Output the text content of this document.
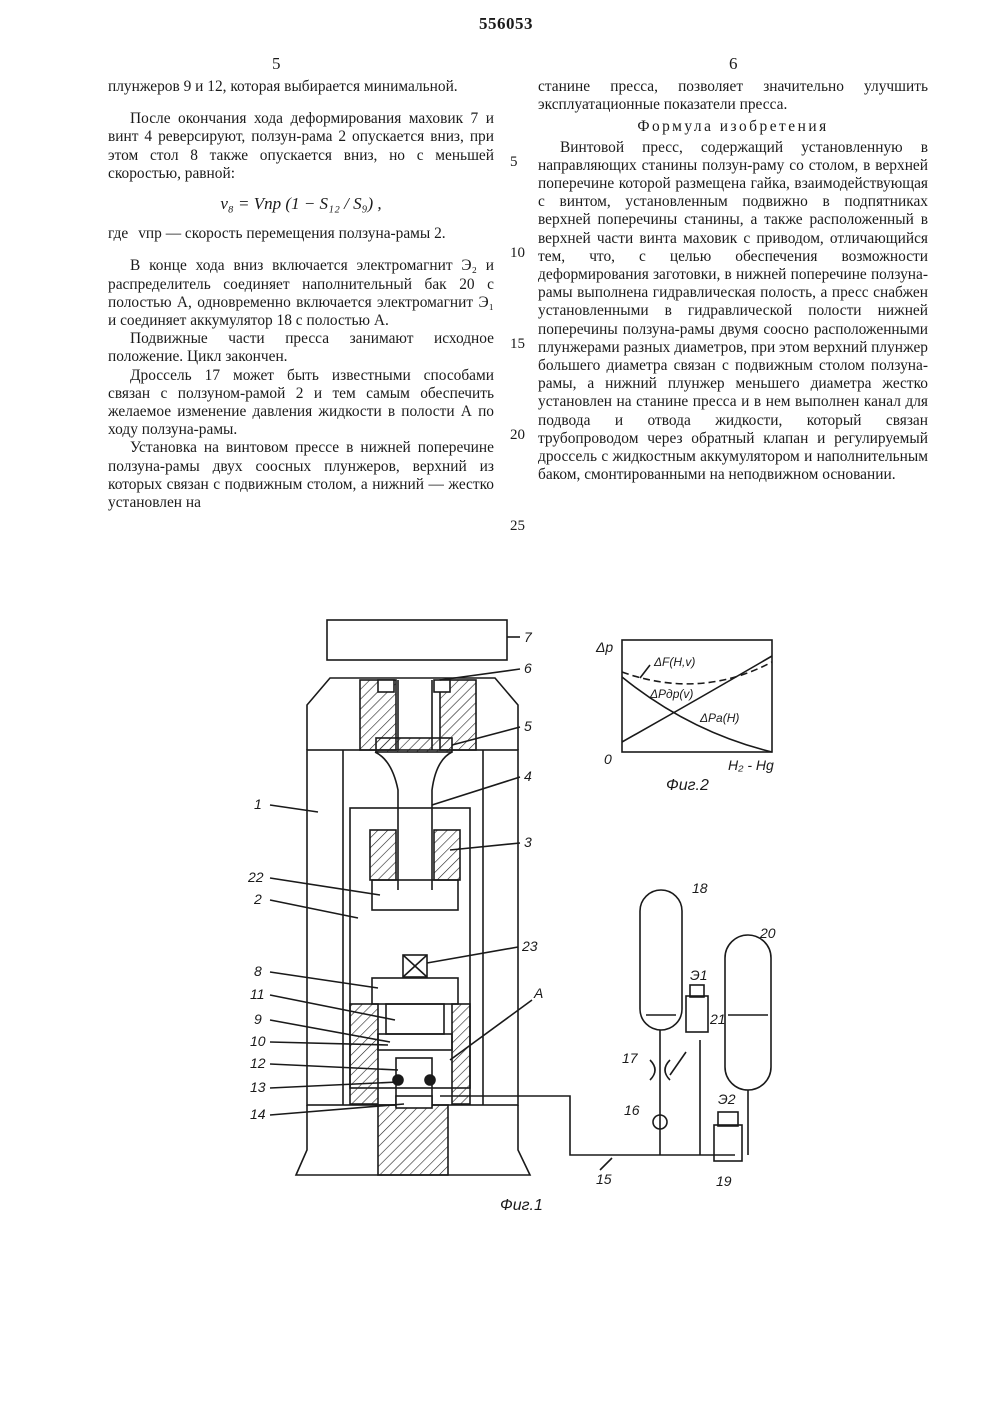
556053
5	6

плунжеров 9 и 12, которая выбирается минимальной.

После окончания хода деформирования маховик 7 и винт 4 реверсируют, ползун-рама 2 опускается вниз, при этом стол 8 также опускается вниз, но с меньшей скоростью, равной:

v₈ = Vпр (1 − S₁₂ / S₉) ,
где vпр — скорость перемещения ползуна-рамы 2.

В конце хода вниз включается электромагнит Э₂ и распределитель соединяет наполнительный бак 20 с полостью А, одновременно включается электромагнит Э₁ и соединяет аккумулятор 18 с полостью А.

Подвижные части пресса занимают исходное положение. Цикл закончен.

Дроссель 17 может быть известными способами связан с ползуном-рамой 2 и тем самым обеспечить желаемое изменение давления жидкости в полости А по ходу ползуна-рамы.

Установка на винтовом прессе в нижней поперечине ползуна-рамы двух соосных плунжеров, верхний из которых связан с подвижным столом, а нижний — жестко установлен на

5
10
15
20
25

станине пресса, позволяет значительно улучшить эксплуатационные показатели пресса.

Формула изобретения

Винтовой пресс, содержащий установленную в направляющих станины ползун-раму со столом, в верхней поперечине которой размещена гайка, взаимодействующая с винтом, установленным подвижно в подпятниках верхней поперечины станины, а также расположенный в верхней части винта маховик с приводом, отличающийся тем, что, с целью обеспечения возможности деформирования заготовки, в нижней поперечине ползуна-рамы выполнена гидравлическая полость, а пресс снабжен установленными в гидравлической полости нижней поперечины ползуна-рамы двумя соосно расположенными плунжерами разных диаметров, при этом верхний плунжер большего диаметра связан с подвижным столом ползуна-рамы, а нижний плунжер меньшего диаметра жестко установлен на станине пресса и в нем выполнен канал для подвода и отвода жидкости, который связан трубопроводом через обратный клапан и регулируемый дроссель с жидкостным аккумулятором и наполнительным баком, смонтированными на неподвижном основании.

7
6
5
4
3
1
22
2
23
8
11
9
10
12
13
14
A
18
20
Э1
21
17
Э2
16
15	19
Фиг.1
Δp
0	H₂ - Hg
ΔF(H,v)
ΔPдр(v)
ΔPa(H)
Фиг.2
